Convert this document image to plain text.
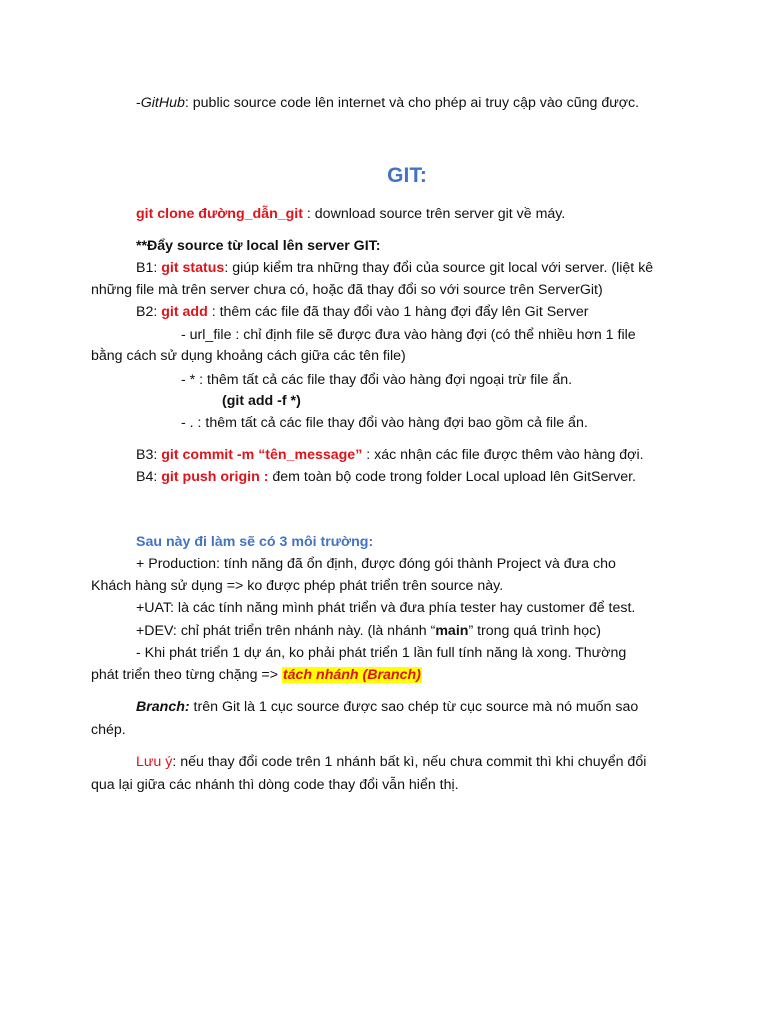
-GitHub: public source code lên internet và cho phép ai truy cập vào cũng được.
GIT:
git clone đường_dẫn_git : download source trên server git về máy.
**Đẩy source từ local lên server GIT:
B1: git status: giúp kiểm tra những thay đổi của source git local với server. (liệt kê
những file mà trên server chưa có, hoặc đã thay đổi so với source trên ServerGit)
B2: git add : thêm các file đã thay đổi vào 1 hàng đợi đẩy lên Git Server
- url_file : chỉ định file sẽ được đưa vào hàng đợi (có thể nhiều hơn 1 file
bằng cách sử dụng khoảng cách giữa các tên file)
- * : thêm tất cả các file thay đổi vào hàng đợi ngoại trừ file ẩn.
(git add -f *)
- . : thêm tất cả các file thay đổi vào hàng đợi bao gồm cả file ẩn.
B3: git commit -m “tên_message” : xác nhận các file được thêm vào hàng đợi.
B4: git push origin : đem toàn bộ code trong folder Local upload lên GitServer.
Sau này đi làm sẽ có 3 môi trường:
+ Production: tính năng đã ổn định, được đóng gói thành Project và đưa cho
Khách hàng sử dụng => ko được phép phát triển trên source này.
+UAT: là các tính năng mình phát triển và đưa phía tester hay customer để test.
+DEV: chỉ phát triển trên nhánh này. (là nhánh “main” trong quá trình học)
- Khi phát triển 1 dự án, ko phải phát triển 1 lần full tính năng là xong. Thường
phát triển theo từng chặng => tách nhánh (Branch)
Branch: trên Git là 1 cục source được sao chép từ cục source mà nó muốn sao
chép.
Lưu ý: nếu thay đổi code trên 1 nhánh bất kì, nếu chưa commit thì khi chuyển đổi
qua lại giữa các nhánh thì dòng code thay đổi vẫn hiển thị.
